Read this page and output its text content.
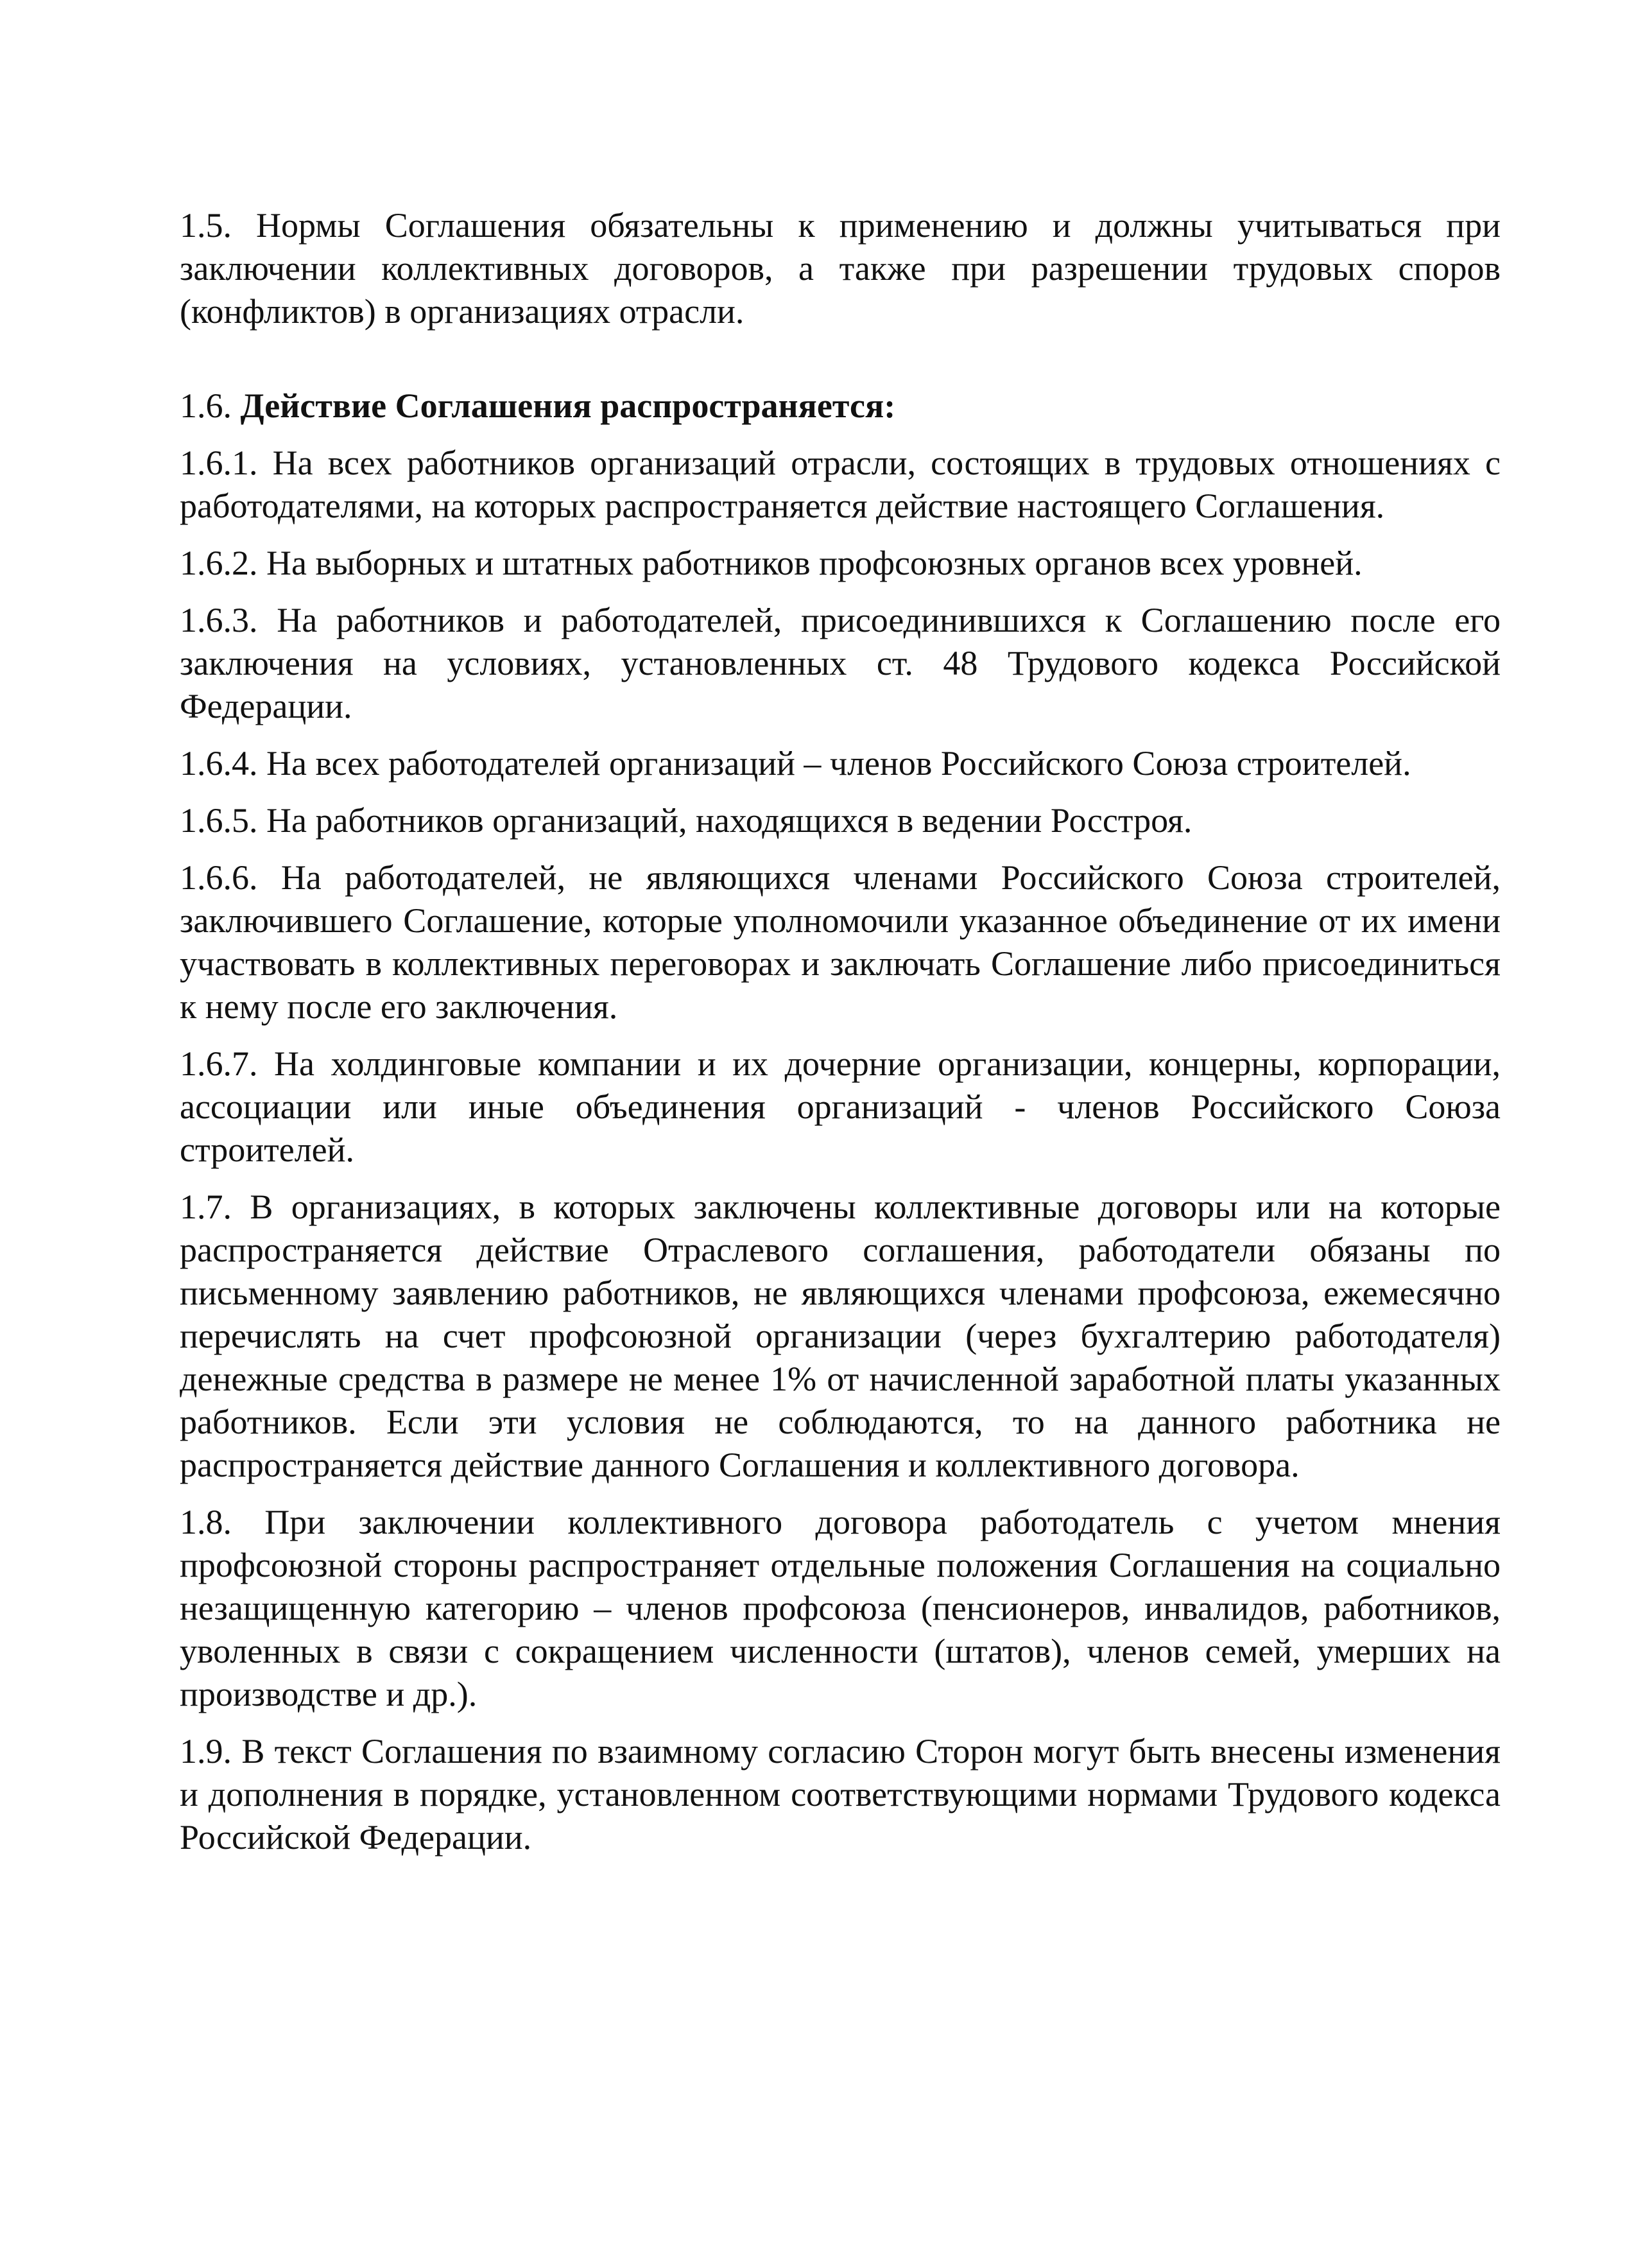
1.5. Нормы Соглашения обязательны к применению и должны учитываться при заключении коллективных договоров, а также при разрешении трудовых споров (конфликтов) в организациях отрасли.

1.6. Действие Соглашения распространяется:

1.6.1. На всех работников организаций отрасли, состоящих в трудовых отношениях с работодателями, на которых распространяется действие настоящего Соглашения.

1.6.2. На выборных и штатных работников профсоюзных органов всех уровней.

1.6.3. На работников и работодателей, присоединившихся к Соглашению после его заключения на условиях, установленных ст. 48 Трудового кодекса Российской Федерации.

1.6.4. На всех работодателей организаций – членов Российского Союза строителей.

1.6.5. На работников организаций, находящихся в ведении Росстроя.

1.6.6. На работодателей, не являющихся членами Российского Союза строителей, заключившего Соглашение, которые уполномочили указанное объединение от их имени участвовать в коллективных переговорах и заключать Соглашение либо присоединиться к нему после его заключения.

1.6.7. На холдинговые компании и их дочерние организации, концерны, корпорации, ассоциации или иные объединения организаций - членов Российского Союза строителей.

1.7. В организациях, в которых заключены коллективные договоры или на которые распространяется действие Отраслевого соглашения, работодатели обязаны по письменному заявлению работников, не являющихся членами профсоюза, ежемесячно перечислять на счет профсоюзной организации (через бухгалтерию работодателя) денежные средства в размере не менее 1% от начисленной заработной платы указанных работников. Если эти условия не соблюдаются, то на данного работника не распространяется действие данного Соглашения и коллективного договора.

1.8. При заключении коллективного договора работодатель с учетом мнения профсоюзной стороны распространяет отдельные положения Соглашения на социально незащищенную категорию – членов профсоюза (пенсионеров, инвалидов, работников, уволенных в связи с сокращением численности (штатов), членов семей, умерших на производстве и др.).

1.9. В текст Соглашения по взаимному согласию Сторон могут быть внесены изменения и дополнения в порядке, установленном соответствующими нормами Трудового кодекса Российской Федерации.
